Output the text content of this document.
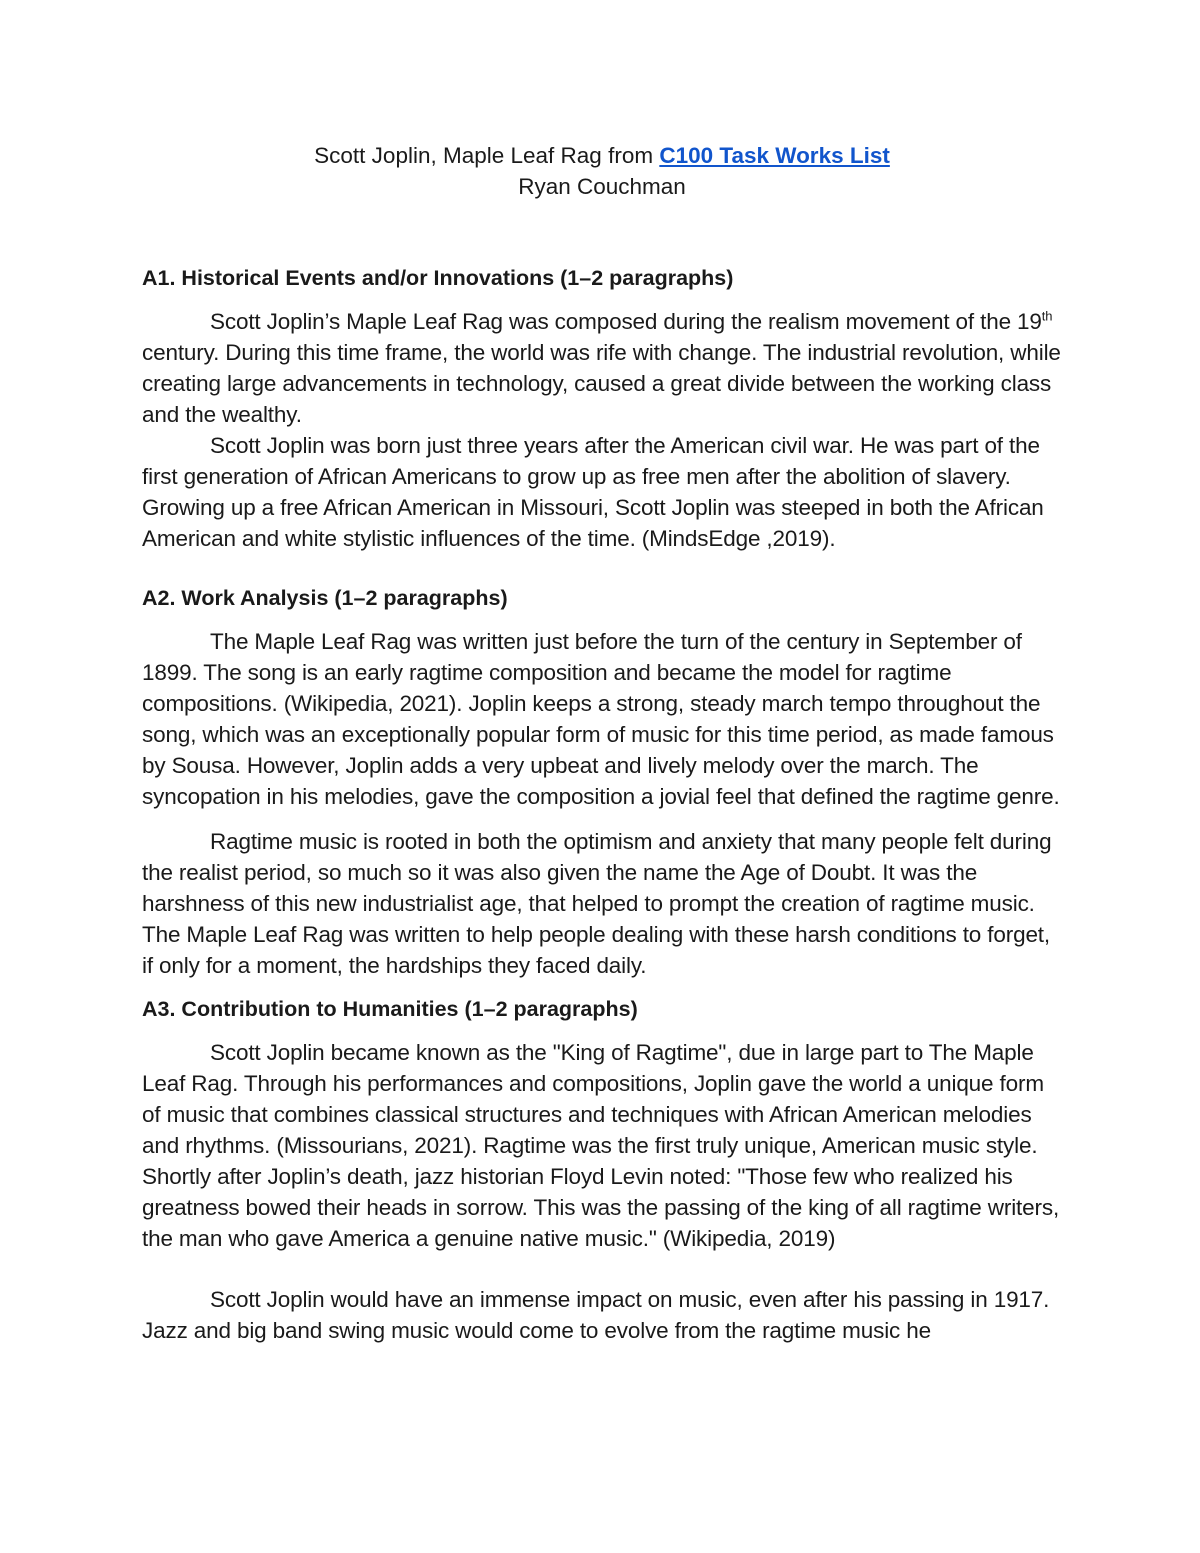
Scott Joplin, Maple Leaf Rag from C100 Task Works List

Ryan Couchman

A1. Historical Events and/or Innovations (1–2 paragraphs)

Scott Joplin’s Maple Leaf Rag was composed during the realism movement of the 19th century. During this time frame, the world was rife with change. The industrial revolution, while creating large advancements in technology, caused a great divide between the working class and the wealthy.

Scott Joplin was born just three years after the American civil war. He was part of the first generation of African Americans to grow up as free men after the abolition of slavery. Growing up a free African American in Missouri, Scott Joplin was steeped in both the African American and white stylistic influences of the time. (MindsEdge ,2019).

A2. Work Analysis (1–2 paragraphs)

The Maple Leaf Rag was written just before the turn of the century in September of 1899. The song is an early ragtime composition and became the model for ragtime compositions. (Wikipedia, 2021). Joplin keeps a strong, steady march tempo throughout the song, which was an exceptionally popular form of music for this time period, as made famous by Sousa. However, Joplin adds a very upbeat and lively melody over the march. The syncopation in his melodies, gave the composition a jovial feel that defined the ragtime genre.

Ragtime music is rooted in both the optimism and anxiety that many people felt during the realist period, so much so it was also given the name the Age of Doubt. It was the harshness of this new industrialist age, that helped to prompt the creation of ragtime music. The Maple Leaf Rag was written to help people dealing with these harsh conditions to forget, if only for a moment, the hardships they faced daily.

A3. Contribution to Humanities (1–2 paragraphs)

Scott Joplin became known as the "King of Ragtime", due in large part to The Maple Leaf Rag. Through his performances and compositions, Joplin gave the world a unique form of music that combines classical structures and techniques with African American melodies and rhythms. (Missourians, 2021). Ragtime was the first truly unique, American music style. Shortly after Joplin’s death, jazz historian Floyd Levin noted: "Those few who realized his greatness bowed their heads in sorrow. This was the passing of the king of all ragtime writers, the man who gave America a genuine native music." (Wikipedia, 2019)

Scott Joplin would have an immense impact on music, even after his passing in 1917. Jazz and big band swing music would come to evolve from the ragtime music he
